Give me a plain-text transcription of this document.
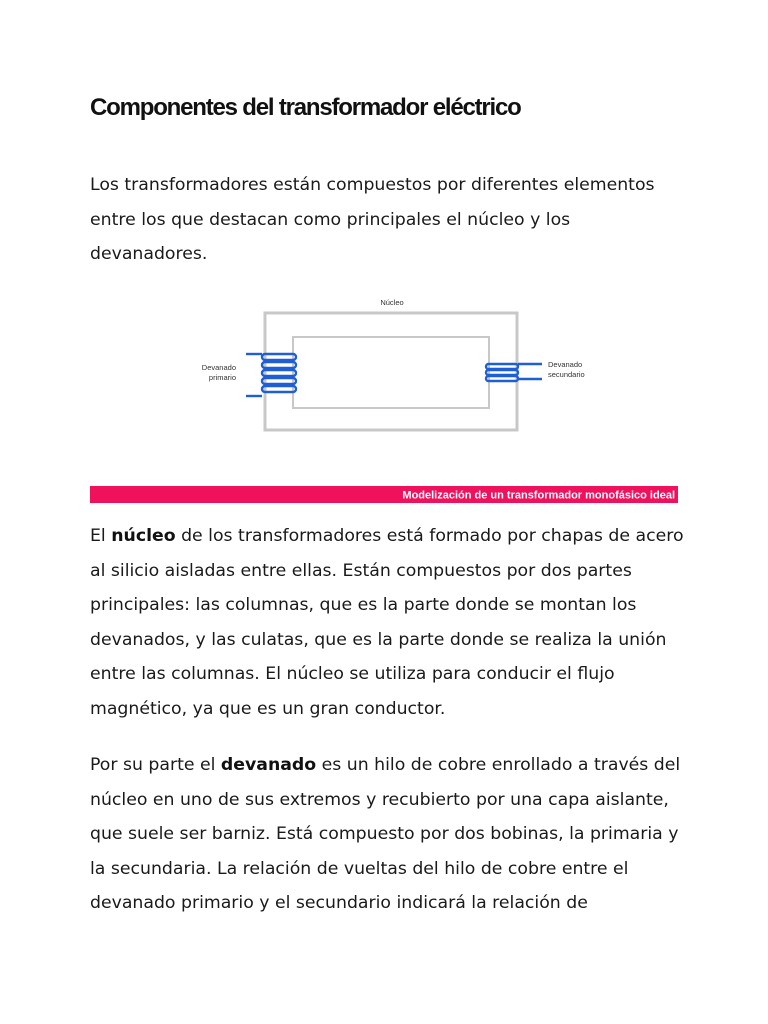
Componentes del transformador eléctrico

Los transformadores están compuestos por diferentes elementos entre los que destacan como principales el núcleo y los devanadores.

Núcleo
Devanado
primario
Devanado
secundario
Modelización de un transformador monofásico ideal

El núcleo de los transformadores está formado por chapas de acero al silicio aisladas entre ellas. Están compuestos por dos partes principales: las columnas, que es la parte donde se montan los devanados, y las culatas, que es la parte donde se realiza la unión entre las columnas. El núcleo se utiliza para conducir el flujo magnético, ya que es un gran conductor.

Por su parte el devanado es un hilo de cobre enrollado a través del núcleo en uno de sus extremos y recubierto por una capa aislante, que suele ser barniz. Está compuesto por dos bobinas, la primaria y la secundaria. La relación de vueltas del hilo de cobre entre el devanado primario y el secundario indicará la relación de
